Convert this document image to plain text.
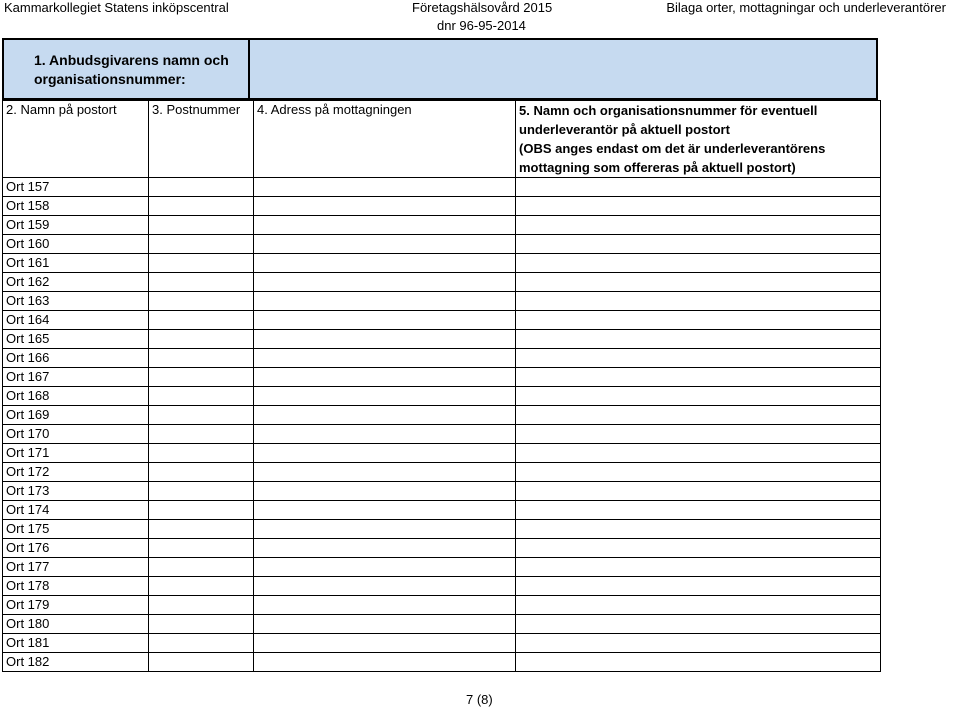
Kammarkollegiet Statens inköpscentral	Företagshälsovård 2015
dnr 96-95-2014
Bilaga orter, mottagningar och underleverantörer
1. Anbudsgivarens namn och organisationsnummer:
2. Namn på postort	3. Postnummer	4. Adress på mottagningen	5. Namn och organisationsnummer för eventuell underleverantör på aktuell postort
(OBS anges endast om det är underleverantörens mottagning som offereras på aktuell postort)

Ort 157			
Ort 158			
Ort 159			
Ort 160			
Ort 161			
Ort 162			
Ort 163			
Ort 164			
Ort 165			
Ort 166			
Ort 167			
Ort 168			
Ort 169			
Ort 170			
Ort 171			
Ort 172			
Ort 173			
Ort 174			
Ort 175			
Ort 176			
Ort 177			
Ort 178			
Ort 179			
Ort 180			
Ort 181			
Ort 182			
7 (8)
